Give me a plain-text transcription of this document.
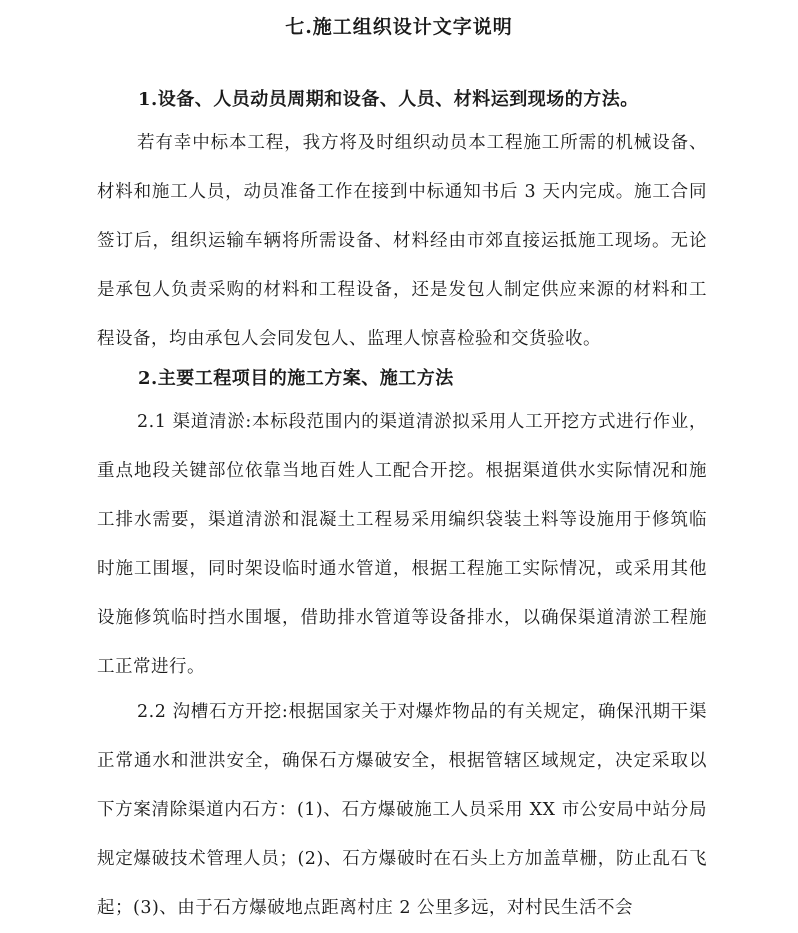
七.施工组织设计文字说明
1.设备、人员动员周期和设备、人员、材料运到现场的方法。
若有幸中标本工程，我方将及时组织动员本工程施工所需的机械设备、材料和施工人员，动员准备工作在接到中标通知书后 3 天内完成。施工合同签订后，组织运输车辆将所需设备、材料经由市郊直接运抵施工现场。无论是承包人负责采购的材料和工程设备，还是发包人制定供应来源的材料和工程设备，均由承包人会同发包人、监理人惊喜检验和交货验收。
2.主要工程项目的施工方案、施工方法
2.1 渠道清淤:本标段范围内的渠道清淤拟采用人工开挖方式进行作业，重点地段关键部位依靠当地百姓人工配合开挖。根据渠道供水实际情况和施工排水需要，渠道清淤和混凝土工程易采用编织袋装土料等设施用于修筑临时施工围堰，同时架设临时通水管道，根据工程施工实际情况，或采用其他设施修筑临时挡水围堰，借助排水管道等设备排水，以确保渠道清淤工程施工正常进行。
2.2 沟槽石方开挖:根据国家关于对爆炸物品的有关规定，确保汛期干渠正常通水和泄洪安全，确保石方爆破安全，根据管辖区域规定，决定采取以下方案清除渠道内石方：(1)、石方爆破施工人员采用 XX 市公安局中站分局规定爆破技术管理人员；(2)、石方爆破时在石头上方加盖草栅，防止乱石飞起；(3)、由于石方爆破地点距离村庄 2 公里多远，对村民生活不会
